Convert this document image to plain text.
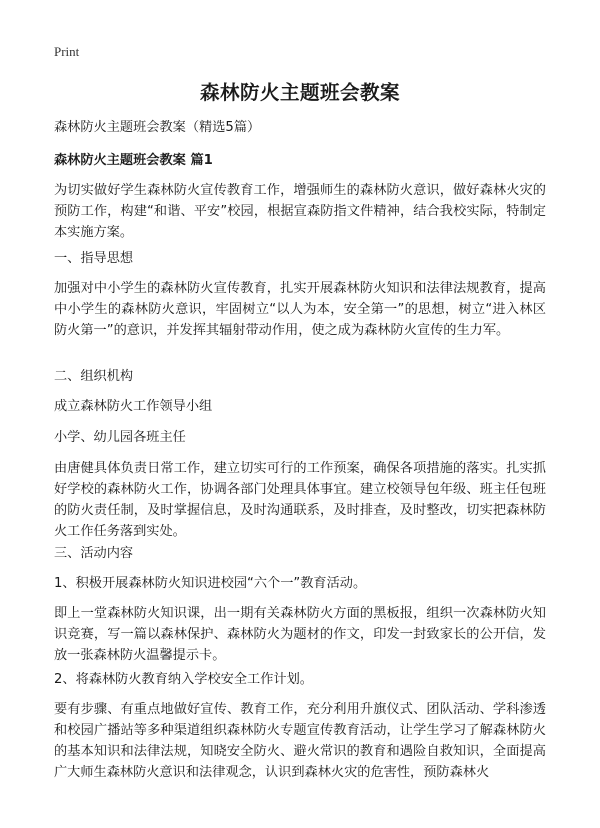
Print
森林防火主题班会教案

森林防火主题班会教案（精选5篇）

森林防火主题班会教案 篇1

为切实做好学生森林防火宣传教育工作，增强师生的森林防火意识，做好森林火灾的预防工作，构建“和谐、平安”校园，根据宣森防指文件精神，结合我校实际，特制定本实施方案。

一、指导思想

加强对中小学生的森林防火宣传教育，扎实开展森林防火知识和法律法规教育，提高中小学生的森林防火意识，牢固树立“以人为本，安全第一”的思想，树立“进入林区防火第一”的意识，并发挥其辐射带动作用，使之成为森林防火宣传的生力军。

二、组织机构

成立森林防火工作领导小组

小学、幼儿园各班主任

由唐健具体负责日常工作，建立切实可行的工作预案，确保各项措施的落实。扎实抓好学校的森林防火工作，协调各部门处理具体事宜。建立校领导包年级、班主任包班的防火责任制，及时掌握信息，及时沟通联系，及时排查，及时整改，切实把森林防火工作任务落到实处。

三、活动内容

1、积极开展森林防火知识进校园“六个一”教育活动。

即上一堂森林防火知识课，出一期有关森林防火方面的黑板报，组织一次森林防火知识竞赛，写一篇以森林保护、森林防火为题材的作文，印发一封致家长的公开信，发放一张森林防火温馨提示卡。

2、将森林防火教育纳入学校安全工作计划。

要有步骤、有重点地做好宣传、教育工作，充分利用升旗仪式、团队活动、学科渗透和校园广播站等多种渠道组织森林防火专题宣传教育活动，让学生学习了解森林防火的基本知识和法律法规，知晓安全防火、避火常识的教育和遇险自救知识，全面提高广大师生森林防火意识和法律观念，认识到森林火灾的危害性，预防森林火
